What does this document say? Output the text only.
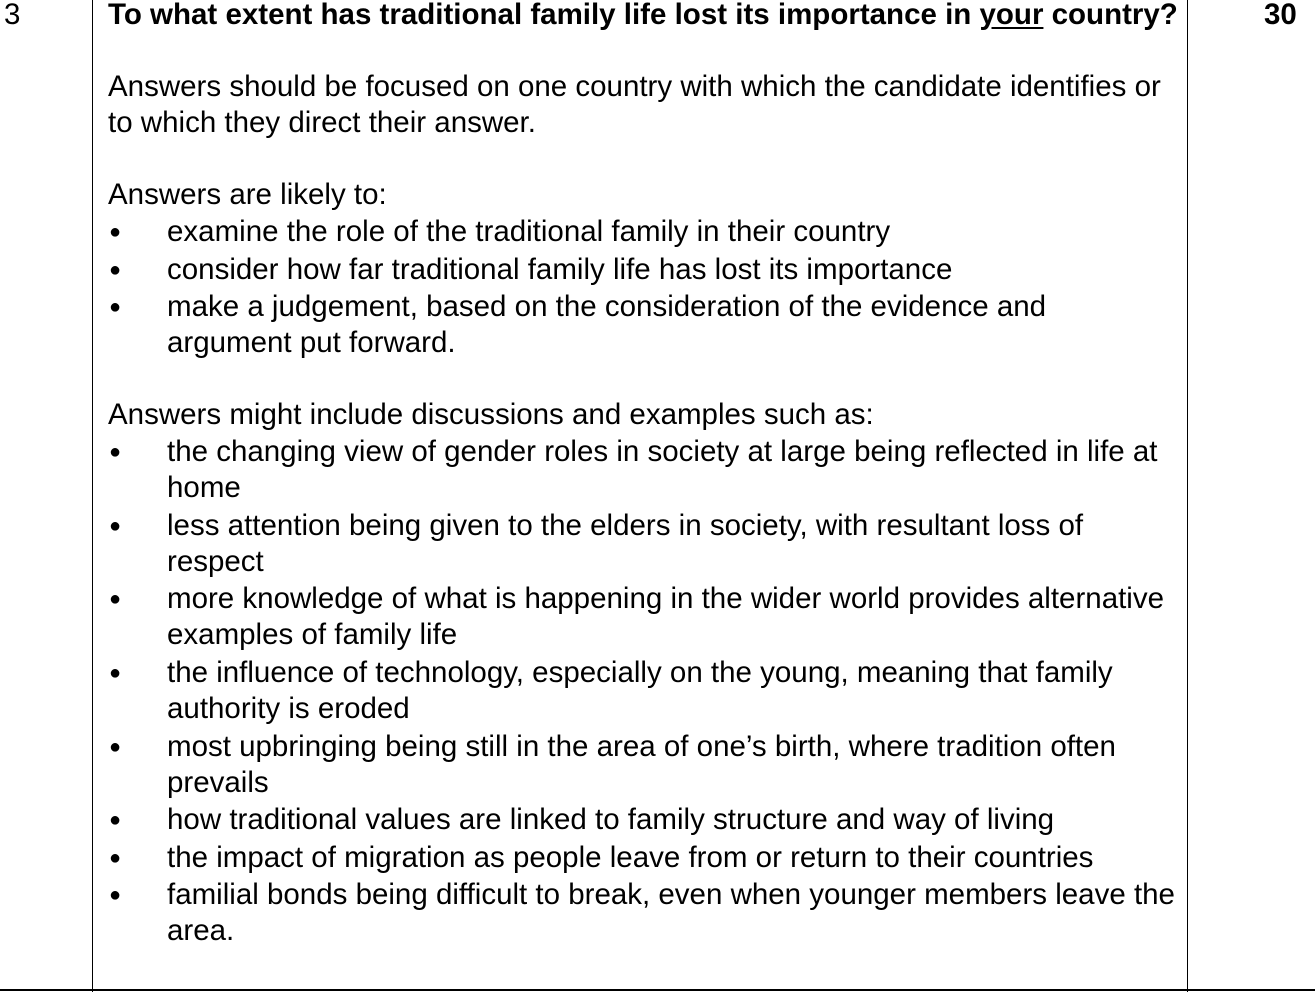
3	30

To what extent has traditional family life lost its importance in your country?

Answers should be focused on one country with which the candidate identifies or to which they direct their answer.

Answers are likely to:

● examine the role of the traditional family in their country
● consider how far traditional family life has lost its importance
● make a judgement, based on the consideration of the evidence and argument put forward.

Answers might include discussions and examples such as:

● the changing view of gender roles in society at large being reflected in life at home
● less attention being given to the elders in society, with resultant loss of respect
● more knowledge of what is happening in the wider world provides alternative examples of family life
● the influence of technology, especially on the young, meaning that family authority is eroded
● most upbringing being still in the area of one’s birth, where tradition often prevails
● how traditional values are linked to family structure and way of living
● the impact of migration as people leave from or return to their countries
● familial bonds being difficult to break, even when younger members leave the area.
